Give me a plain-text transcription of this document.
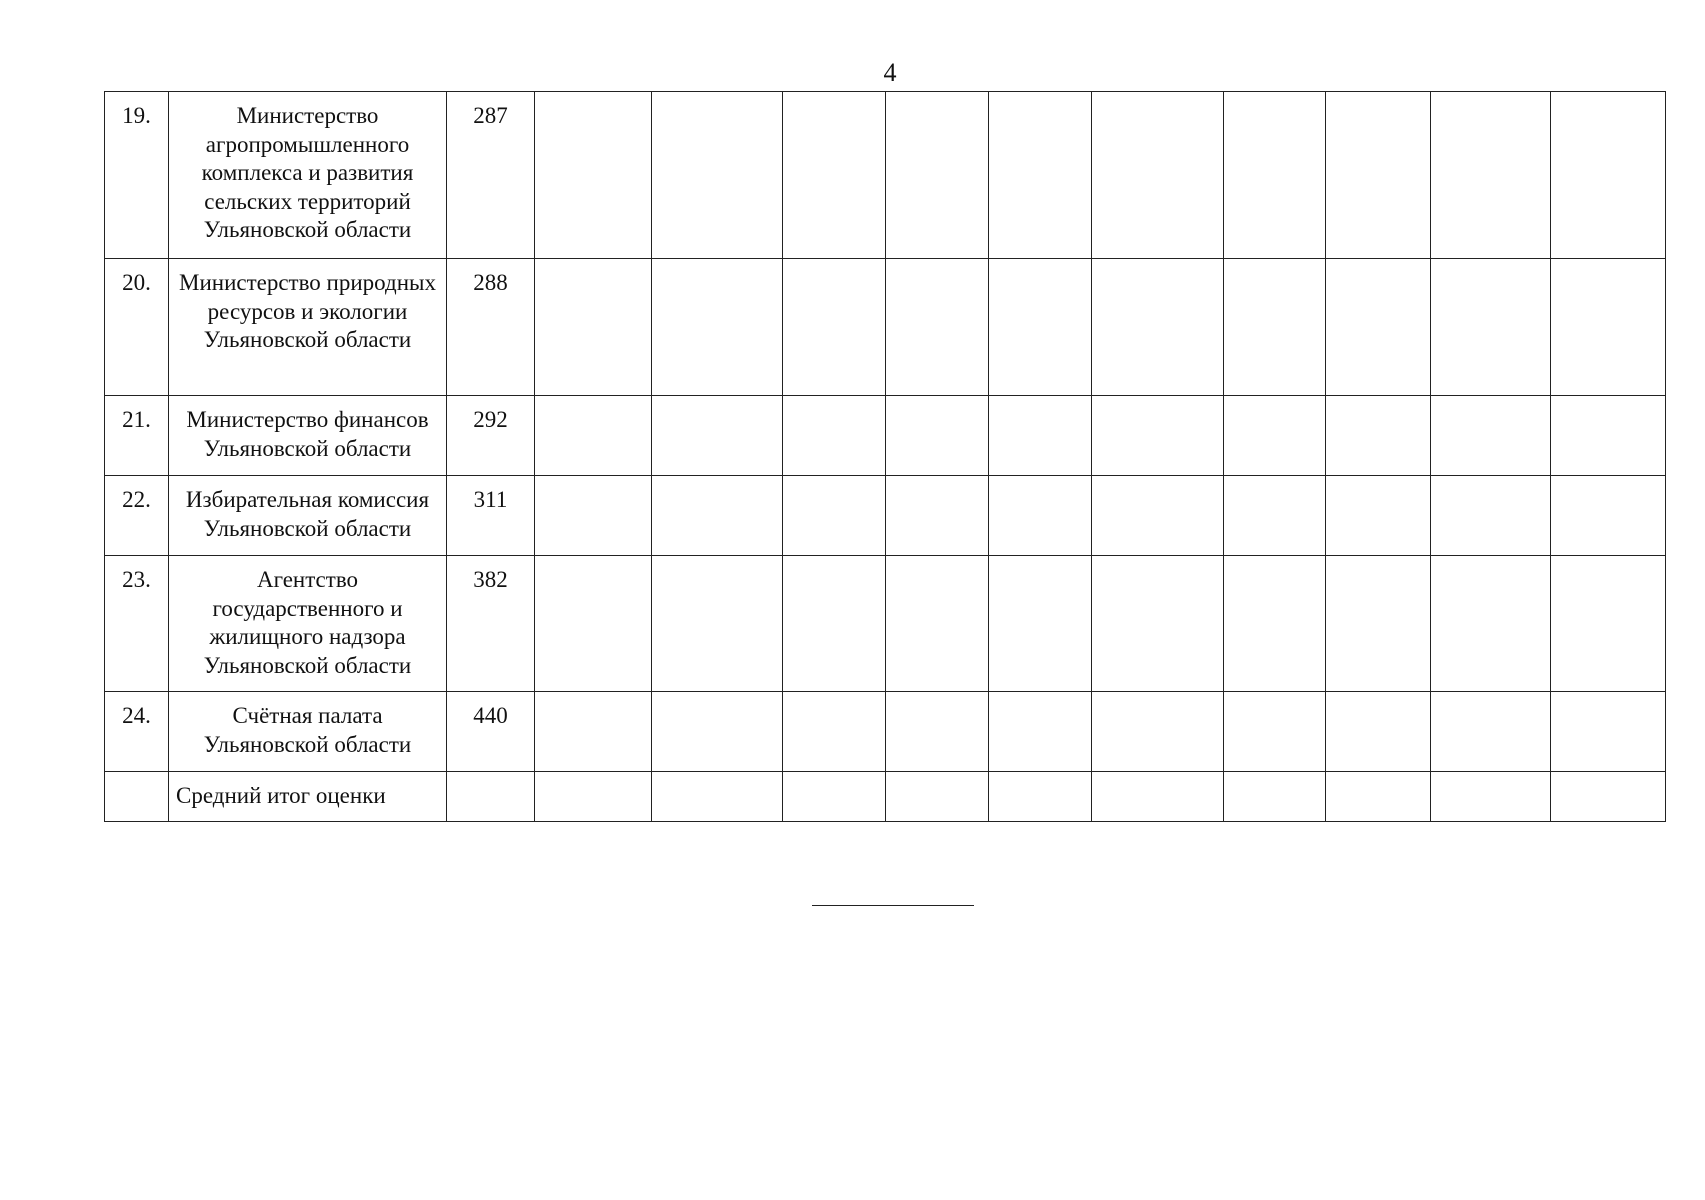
4
19.	Министерство агропромышленного комплекса и развития сельских территорий Ульяновской области	287										
20.	Министерство природных ресурсов и экологии Ульяновской области	288										
21.	Министерство финансов Ульяновской области	292										
22.	Избирательная комиссия Ульяновской области	311										
23.	Агентство государственного и жилищного надзора Ульяновской области	382										
24.	Счётная палата Ульяновской области	440										
	Средний итог оценки											
